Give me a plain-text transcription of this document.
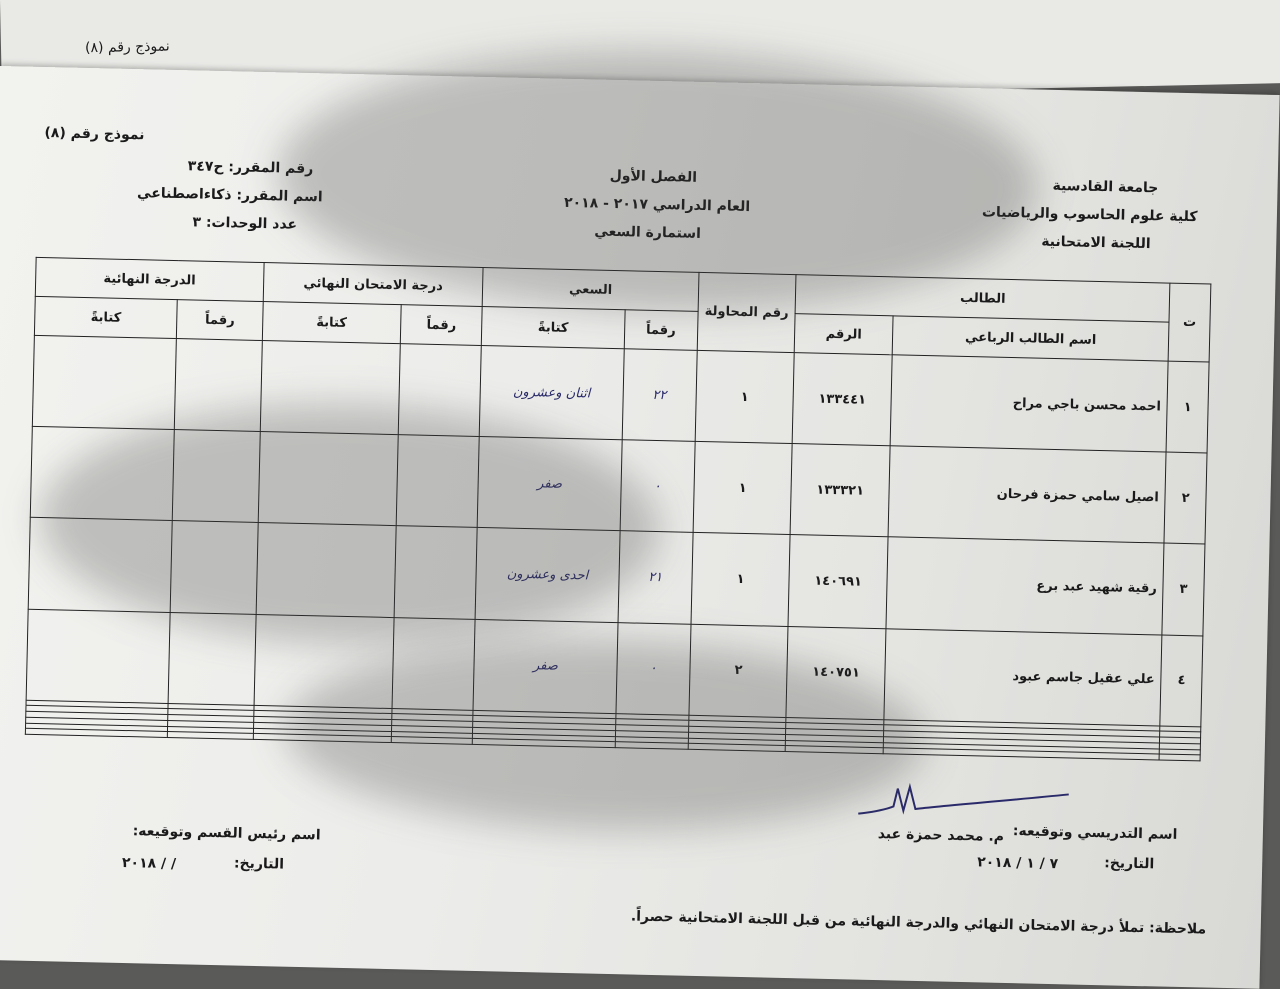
نموذج رقم (٨)
نموذج رقم (٨)
جامعة القادسية
كلية علوم الحاسوب والرياضيات
اللجنة الامتحانية
الفصل الأول
العام الدراسي ٢٠١٧ - ٢٠١٨
استمارة السعي
رقم المقرر: ح٣٤٧
اسم المقرر: ذكاءاصطناعي
عدد الوحدات: ٣
ت	الطالب		رقم المحاولة	السعي		درجة الامتحان النهائي		الدرجة النهائية	
	اسم الطالب الرباعي	الرقم		رقماً	كتابةً	رقماً	كتابةً	رقماً	كتابةً
١	احمد محسن باجي مراح	١٣٣٤٤١	١	٢٢	اثنان وعشرون				
٢	اصيل سامي حمزة فرحان	١٣٣٣٢١	١	٠	صفر				
٣	رقية شهيد عبد برع	١٤٠٦٩١	١	٢١	احدى وعشرون				
٤	علي عقيل جاسم عبود	١٤٠٧٥١	٢	٠	صفر				

اسم التدريسي وتوقيعه:
م. محمد حمزة عبد
التاريخ:
٧ / ١ / ٢٠١٨
اسم رئيس القسم وتوقيعه:
التاريخ:
/ / ٢٠١٨
ملاحظة: تملأ درجة الامتحان النهائي والدرجة النهائية من قبل اللجنة الامتحانية حصراً.
